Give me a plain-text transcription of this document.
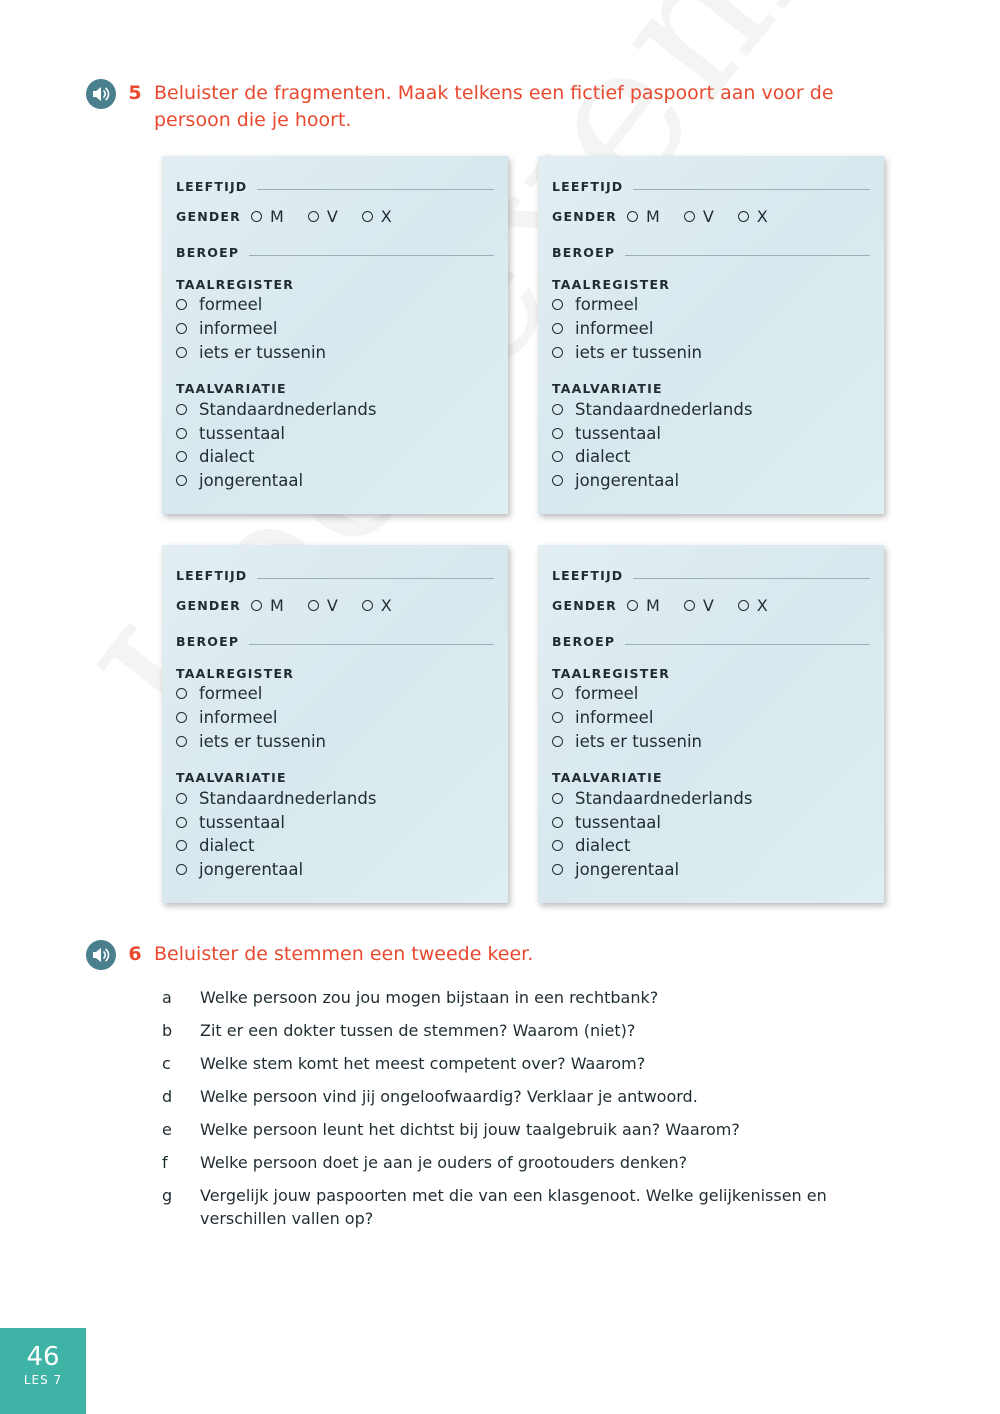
5 Beluister de fragmenten. Maak telkens een fictief paspoort aan voor de persoon die je hoort.
LEEFTIJD
GENDER M	V	X
BEROEP
TAALREGISTER
formeel
informeel
iets er tussenin
TAALVARIATIE
Standaardnederlands
tussentaal
dialect
jongerentaal
LEEFTIJD
GENDER M	V	X
BEROEP
TAALREGISTER
formeel
informeel
iets er tussenin
TAALVARIATIE
Standaardnederlands
tussentaal
dialect
jongerentaal
LEEFTIJD
GENDER M	V	X
BEROEP
TAALREGISTER
formeel
informeel
iets er tussenin
TAALVARIATIE
Standaardnederlands
tussentaal
dialect
jongerentaal
LEEFTIJD
GENDER M	V	X
BEROEP
TAALREGISTER
formeel
informeel
iets er tussenin
TAALVARIATIE
Standaardnederlands
tussentaal
dialect
jongerentaal
6 Beluister de stemmen een tweede keer.
a	Welke persoon zou jou mogen bijstaan in een rechtbank?
b	Zit er een dokter tussen de stemmen? Waarom (niet)?
c	Welke stem komt het meest competent over? Waarom?
d	Welke persoon vind jij ongeloofwaardig? Verklaar je antwoord.
e	Welke persoon leunt het dichtst bij jouw taalgebruik aan? Waarom?
f	Welke persoon doet je aan je ouders of grootouders denken?
g	Vergelijk jouw paspoorten met die van een klasgenoot. Welke gelijkenissen en verschillen vallen op?
46
LES 7
